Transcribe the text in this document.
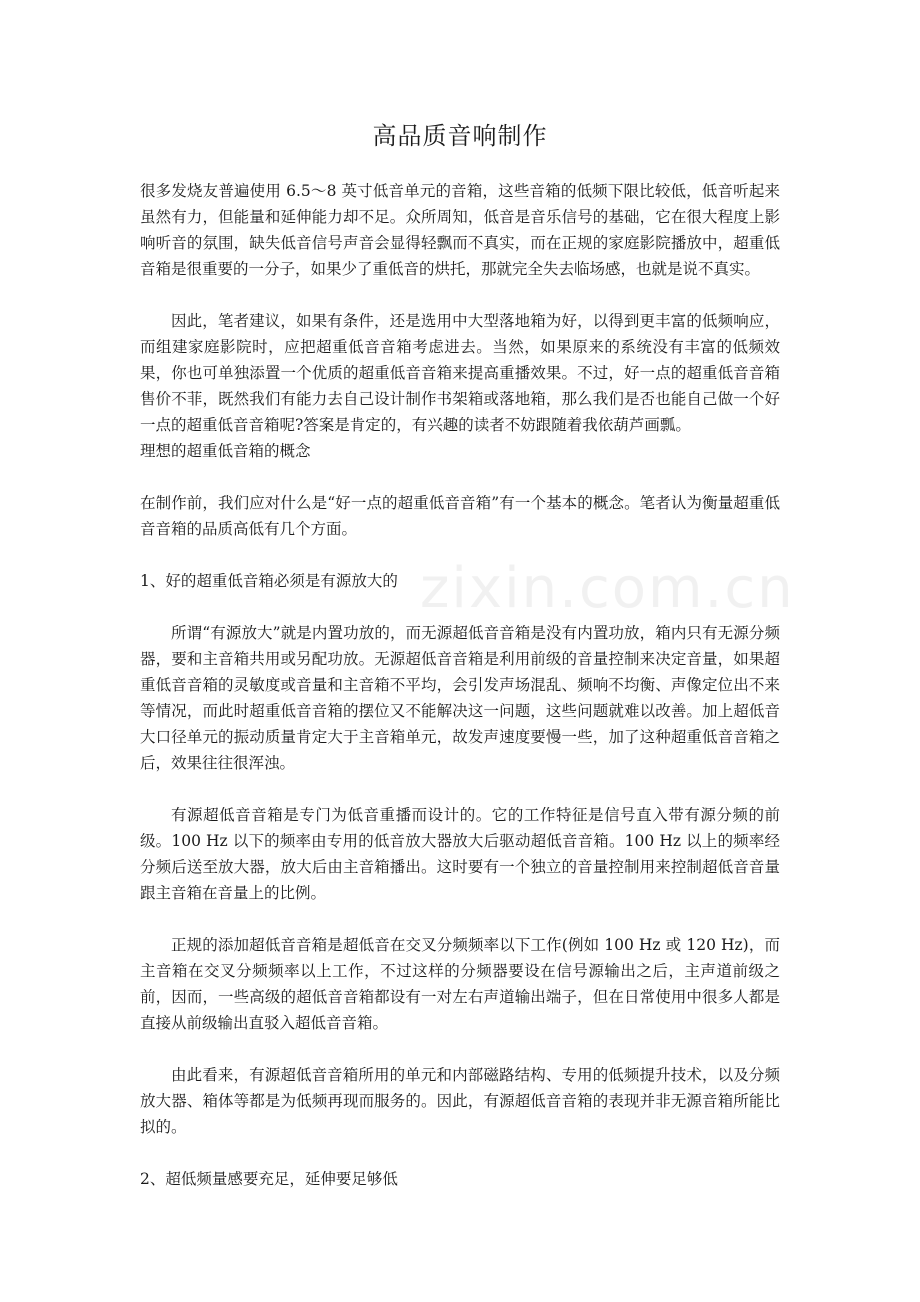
高品质音响制作

很多发烧友普遍使用 6.5～8 英寸低音单元的音箱，这些音箱的低频下限比较低，低音听起来虽然有力，但能量和延伸能力却不足。众所周知，低音是音乐信号的基础，它在很大程度上影响听音的氛围，缺失低音信号声音会显得轻飘而不真实，而在正规的家庭影院播放中，超重低音箱是很重要的一分子，如果少了重低音的烘托，那就完全失去临场感，也就是说不真实。

因此，笔者建议，如果有条件，还是选用中大型落地箱为好，以得到更丰富的低频响应，而组建家庭影院时，应把超重低音音箱考虑进去。当然，如果原来的系统没有丰富的低频效果，你也可单独添置一个优质的超重低音音箱来提高重播效果。不过，好一点的超重低音音箱售价不菲，既然我们有能力去自己设计制作书架箱或落地箱，那么我们是否也能自己做一个好一点的超重低音音箱呢?答案是肯定的，有兴趣的读者不妨跟随着我依葫芦画瓢。

理想的超重低音箱的概念

在制作前，我们应对什么是“好一点的超重低音音箱”有一个基本的概念。笔者认为衡量超重低音音箱的品质高低有几个方面。

1、好的超重低音箱必须是有源放大的

所谓“有源放大”就是内置功放的，而无源超低音音箱是没有内置功放，箱内只有无源分频器，要和主音箱共用或另配功放。无源超低音音箱是利用前级的音量控制来决定音量，如果超重低音音箱的灵敏度或音量和主音箱不平均，会引发声场混乱、频响不均衡、声像定位出不来等情况，而此时超重低音音箱的摆位又不能解决这一问题，这些问题就难以改善。加上超低音大口径单元的振动质量肯定大于主音箱单元，故发声速度要慢一些，加了这种超重低音音箱之后，效果往往很浑浊。

有源超低音音箱是专门为低音重播而设计的。它的工作特征是信号直入带有源分频的前级。100 Hz 以下的频率由专用的低音放大器放大后驱动超低音音箱。100 Hz 以上的频率经分频后送至放大器，放大后由主音箱播出。这时要有一个独立的音量控制用来控制超低音音量跟主音箱在音量上的比例。

正规的添加超低音音箱是超低音在交叉分频频率以下工作(例如 100 Hz 或 120 Hz)，而主音箱在交叉分频频率以上工作，不过这样的分频器要设在信号源输出之后，主声道前级之前，因而，一些高级的超低音音箱都设有一对左右声道输出端子，但在日常使用中很多人都是直接从前级输出直驳入超低音音箱。

由此看来，有源超低音音箱所用的单元和内部磁路结构、专用的低频提升技术，以及分频放大器、箱体等都是为低频再现而服务的。因此，有源超低音音箱的表现并非无源音箱所能比拟的。

2、超低频量感要充足，延伸要足够低

zixin.com.cn
